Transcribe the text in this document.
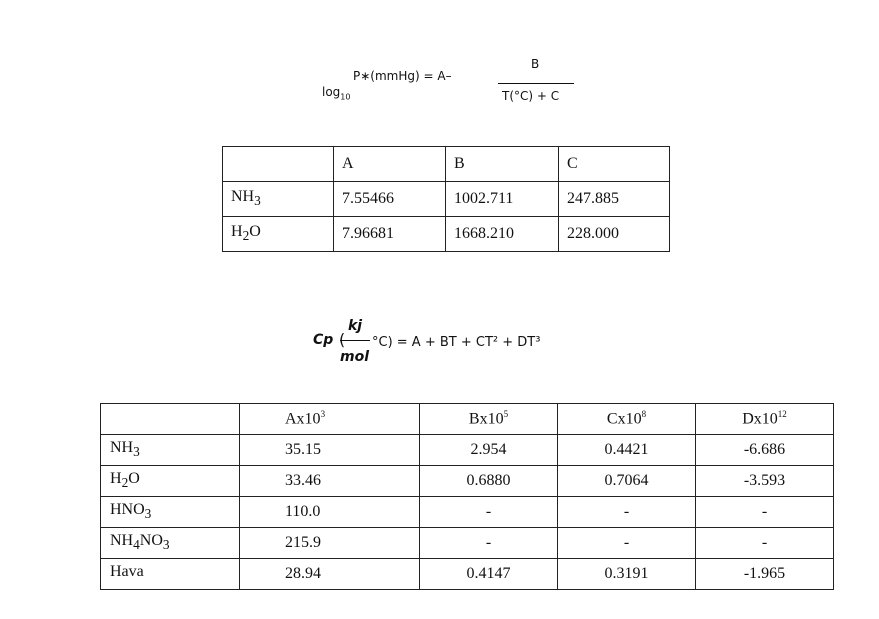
$\log_{10}$
P∗(mmHg) = A–
B
T(°C) + C
	A	B	C
$NH_3$	7.55466	1002.711	247.885
$H_2O$	7.96681	1668.210	228.000
Cp (
kj
mol
°C) = A + BT + CT² + DT³
	$Ax10^3$	$Bx10^5$	$Cx10^8$	$Dx10^{12}$
$NH_3$	35.15	2.954	0.4421	-6.686
$H_2O$	33.46	0.6880	0.7064	-3.593
$HNO_3$	110.0	-	-	-
$NH_4NO_3$	215.9	-	-	-
Hava	28.94	0.4147	0.3191	-1.965
